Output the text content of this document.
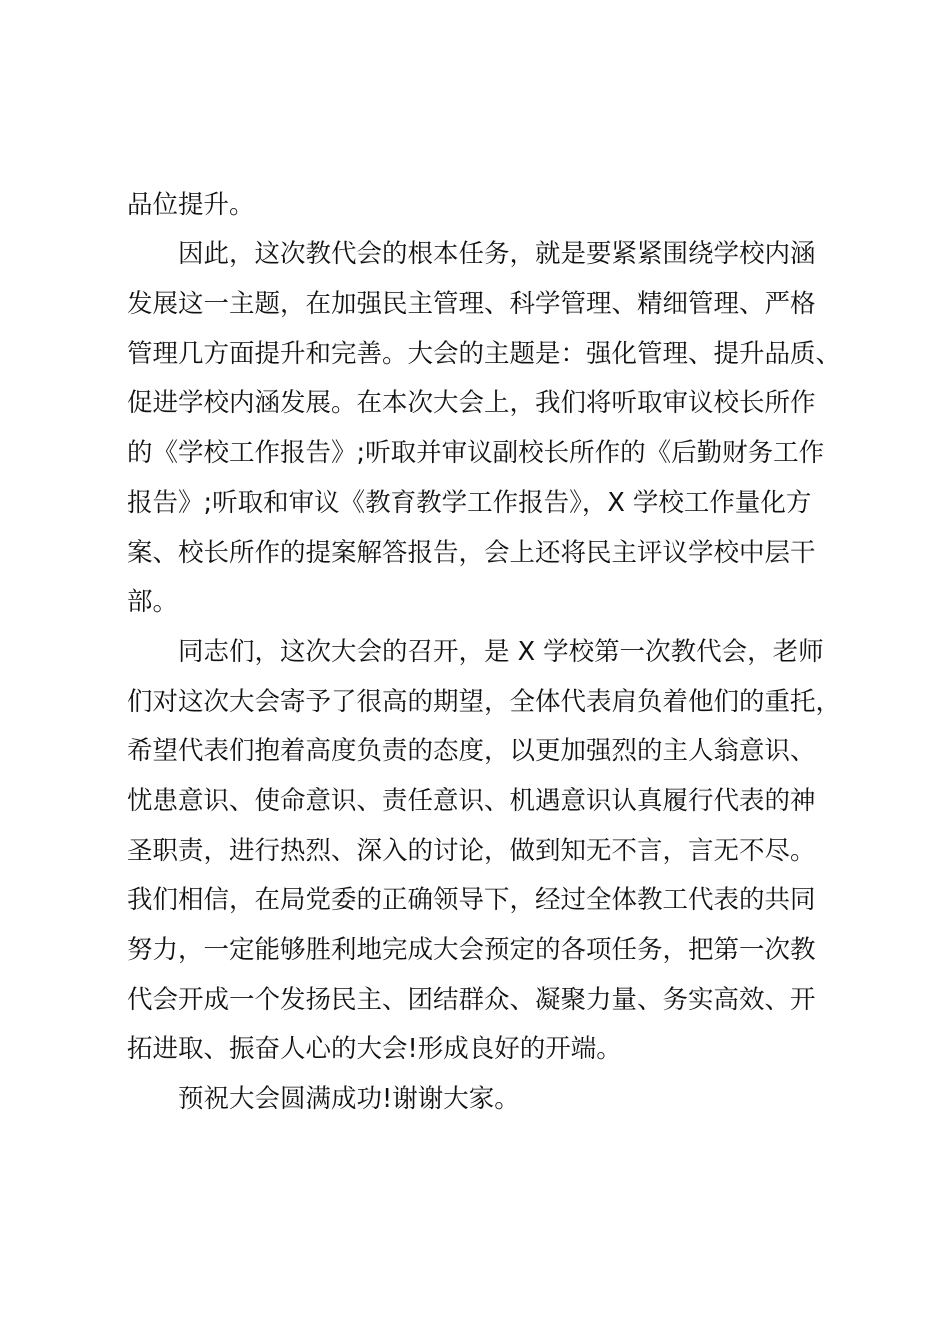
品位提升。
因此，这次教代会的根本任务，就是要紧紧围绕学校内涵
发展这一主题，在加强民主管理、科学管理、精细管理、严格
管理几方面提升和完善。大会的主题是：强化管理、提升品质、
促进学校内涵发展。在本次大会上，我们将听取审议校长所作
的《学校工作报告》;听取并审议副校长所作的《后勤财务工作
报告》;听取和审议《教育教学工作报告》，X 学校工作量化方
案、校长所作的提案解答报告，会上还将民主评议学校中层干
部。
同志们，这次大会的召开，是 X 学校第一次教代会，老师
们对这次大会寄予了很高的期望，全体代表肩负着他们的重托，
希望代表们抱着高度负责的态度，以更加强烈的主人翁意识、
忧患意识、使命意识、责任意识、机遇意识认真履行代表的神
圣职责，进行热烈、深入的讨论，做到知无不言，言无不尽。
我们相信，在局党委的正确领导下，经过全体教工代表的共同
努力，一定能够胜利地完成大会预定的各项任务，把第一次教
代会开成一个发扬民主、团结群众、凝聚力量、务实高效、开
拓进取、振奋人心的大会!形成良好的开端。
预祝大会圆满成功!谢谢大家。
